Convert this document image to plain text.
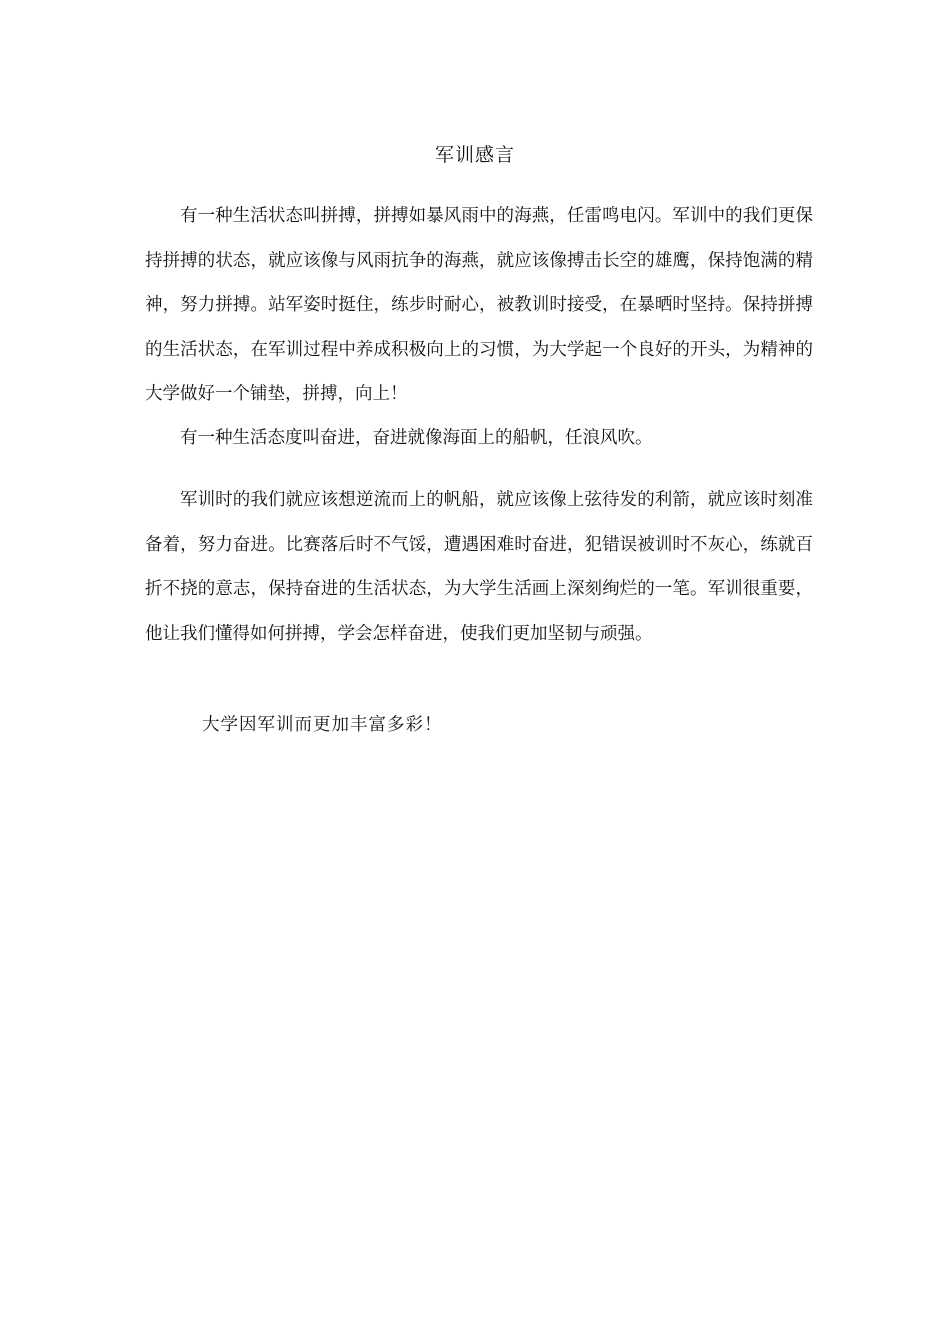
军训感言

有一种生活状态叫拼搏，拼搏如暴风雨中的海燕，任雷鸣电闪。军训中的我们更保持拼搏的状态，就应该像与风雨抗争的海燕，就应该像搏击长空的雄鹰，保持饱满的精神，努力拼搏。站军姿时挺住，练步时耐心，被教训时接受，在暴晒时坚持。保持拼搏的生活状态，在军训过程中养成积极向上的习惯，为大学起一个良好的开头，为精神的大学做好一个铺垫，拼搏，向上！

有一种生活态度叫奋进，奋进就像海面上的船帆，任浪风吹。

军训时的我们就应该想逆流而上的帆船，就应该像上弦待发的利箭，就应该时刻准备着，努力奋进。比赛落后时不气馁，遭遇困难时奋进，犯错误被训时不灰心，练就百折不挠的意志，保持奋进的生活状态，为大学生活画上深刻绚烂的一笔。军训很重要，他让我们懂得如何拼搏，学会怎样奋进，使我们更加坚韧与顽强。

大学因军训而更加丰富多彩！
